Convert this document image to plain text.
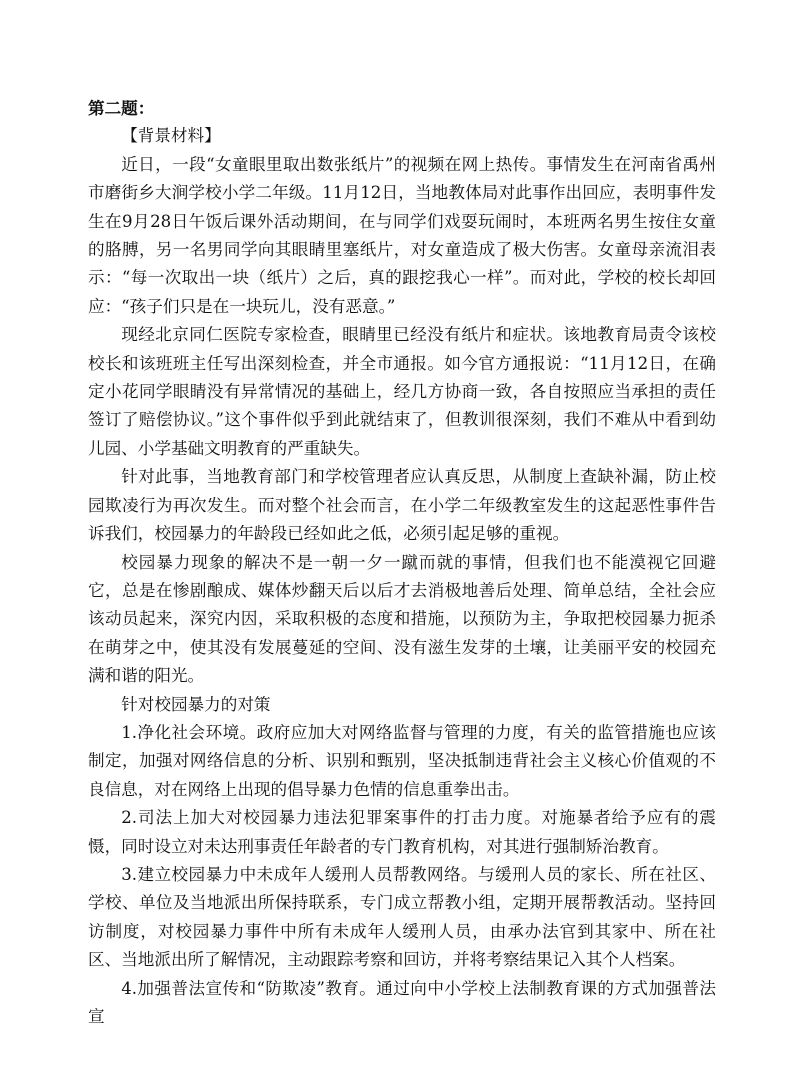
第二题：

【背景材料】

近日，一段“女童眼里取出数张纸片”的视频在网上热传。事情发生在河南省禹州市磨街乡大涧学校小学二年级。11月12日，当地教体局对此事作出回应，表明事件发生在9月28日午饭后课外活动期间，在与同学们戏耍玩闹时，本班两名男生按住女童的胳膊，另一名男同学向其眼睛里塞纸片，对女童造成了极大伤害。女童母亲流泪表示：“每一次取出一块（纸片）之后，真的跟挖我心一样”。而对此，学校的校长却回应：“孩子们只是在一块玩儿，没有恶意。”

现经北京同仁医院专家检查，眼睛里已经没有纸片和症状。该地教育局责令该校校长和该班班主任写出深刻检查，并全市通报。如今官方通报说：“11月12日，在确定小花同学眼睛没有异常情况的基础上，经几方协商一致，各自按照应当承担的责任签订了赔偿协议。”这个事件似乎到此就结束了，但教训很深刻，我们不难从中看到幼儿园、小学基础文明教育的严重缺失。

针对此事，当地教育部门和学校管理者应认真反思，从制度上查缺补漏，防止校园欺凌行为再次发生。而对整个社会而言，在小学二年级教室发生的这起恶性事件告诉我们，校园暴力的年龄段已经如此之低，必须引起足够的重视。

校园暴力现象的解决不是一朝一夕一蹴而就的事情，但我们也不能漠视它回避它，总是在惨剧酿成、媒体炒翻天后以后才去消极地善后处理、简单总结，全社会应该动员起来，深究内因，采取积极的态度和措施，以预防为主，争取把校园暴力扼杀在萌芽之中，使其没有发展蔓延的空间、没有滋生发芽的土壤，让美丽平安的校园充满和谐的阳光。

针对校园暴力的对策

1.净化社会环境。政府应加大对网络监督与管理的力度，有关的监管措施也应该制定，加强对网络信息的分析、识别和甄别，坚决抵制违背社会主义核心价值观的不良信息，对在网络上出现的倡导暴力色情的信息重拳出击。

2.司法上加大对校园暴力违法犯罪案事件的打击力度。对施暴者给予应有的震慑，同时设立对未达刑事责任年龄者的专门教育机构，对其进行强制矫治教育。

3.建立校园暴力中未成年人缓刑人员帮教网络。与缓刑人员的家长、所在社区、学校、单位及当地派出所保持联系，专门成立帮教小组，定期开展帮教活动。坚持回访制度，对校园暴力事件中所有未成年人缓刑人员，由承办法官到其家中、所在社区、当地派出所了解情况，主动跟踪考察和回访，并将考察结果记入其个人档案。

4.加强普法宣传和“防欺凌”教育。通过向中小学校上法制教育课的方式加强普法宣
